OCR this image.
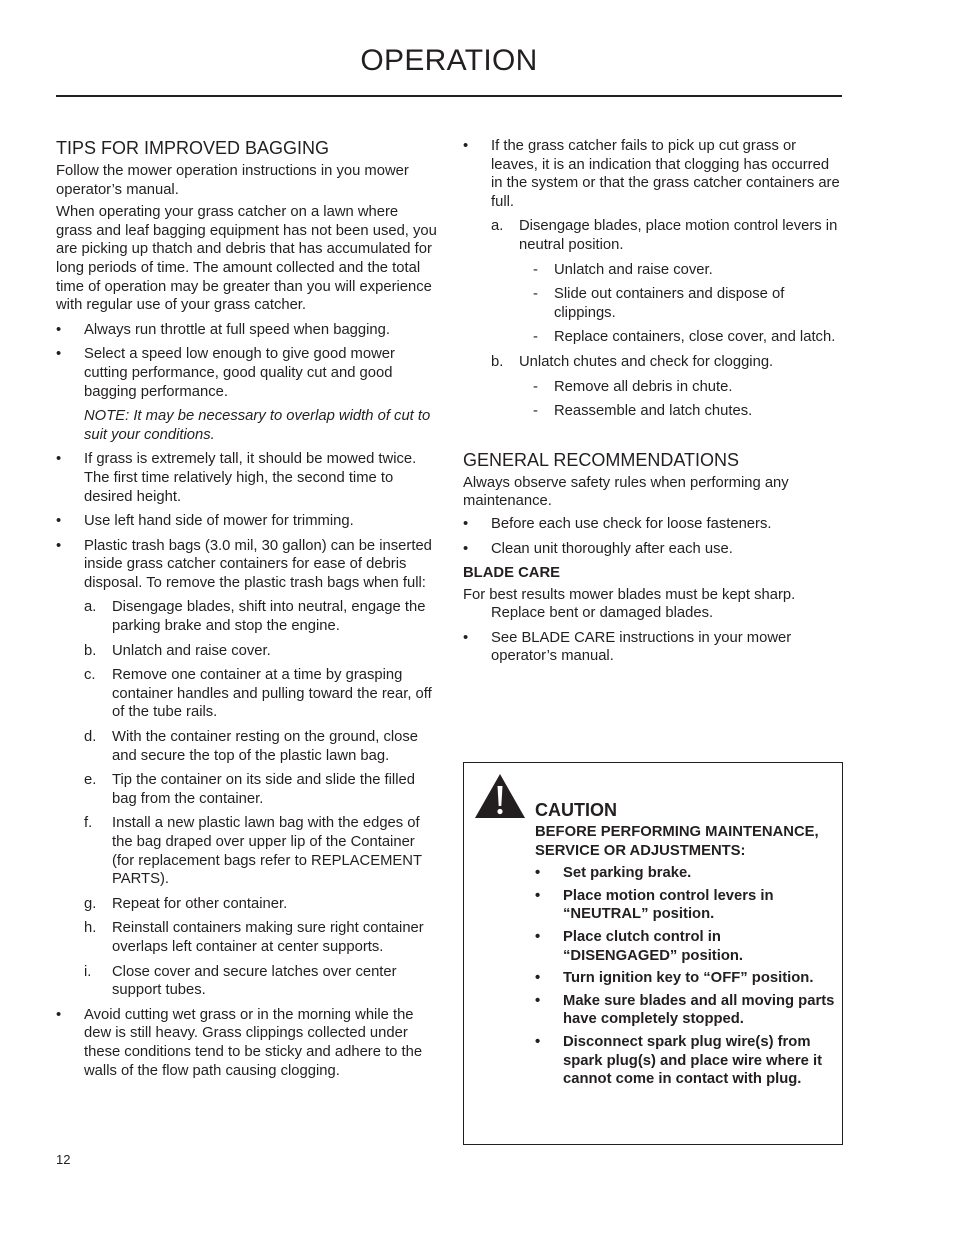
OPERATION
TIPS FOR IMPROVED BAGGING

Follow the mower operation instructions in you mower operator’s manual.

When operating your grass catcher on a lawn where grass and leaf bagging equipment has not been used, you are picking up thatch and debris that has accumulated for long periods of time. The amount collected and the total time of operation may be greater than you will experience with regular use of your grass catcher.

• Always run throttle at full speed when bagging.
• Select a speed low enough to give good mower cutting performance, good quality cut and good bagging performance.
NOTE: It may be necessary to overlap width of cut to suit your conditions.
• If grass is extremely tall, it should be mowed twice. The first time relatively high, the second time to desired height.
• Use left hand side of mower for trimming.
• Plastic trash bags (3.0 mil, 30 gallon) can be inserted inside grass catcher containers for ease of debris disposal. To remove the plastic trash bags when full:
a. Disengage blades, shift into neutral, engage the parking brake and stop the engine.
b. Unlatch and raise cover.
c. Remove one container at a time by grasping container handles and pulling toward the rear, off of the tube rails.
d. With the container resting on the ground, close and secure the top of the plastic lawn bag.
e. Tip the container on its side and slide the filled bag from the container.
f. Install a new plastic lawn bag with the edges of the bag draped over upper lip of the Container (for replacement bags refer to REPLACEMENT PARTS).
g. Repeat for other container.
h. Reinstall containers making sure right container overlaps left container at center supports.
i. Close cover and secure latches over center support tubes.
• Avoid cutting wet grass or in the morning while the dew is still heavy. Grass clippings collected under these conditions tend to be sticky and adhere to the walls of the flow path causing clogging.
• If the grass catcher fails to pick up cut grass or leaves, it is an indication that clogging has occurred in the system or that the grass catcher containers are full.
a. Disengage blades, place motion control levers in neutral position.
- Unlatch and raise cover.
- Slide out containers and dispose of clippings.
- Replace containers, close cover, and latch.
b. Unlatch chutes and check for clogging.
- Remove all debris in chute.
- Reassemble and latch chutes.
GENERAL RECOMMENDATIONS

Always observe safety rules when performing any maintenance.

• Before each use check for loose fasteners.
• Clean unit thoroughly after each use.
BLADE CARE

For best results mower blades must be kept sharp. Replace bent or damaged blades.

• See BLADE CARE instructions in your mower operator’s manual.
CAUTION
BEFORE PERFORMING MAINTENANCE, SERVICE OR ADJUSTMENTS:
• Set parking brake.
• Place motion control levers in “NEUTRAL” position.
• Place clutch control in “DISENGAGED” position.
• Turn ignition key to “OFF” position.
• Make sure blades and all moving parts have completely stopped.
• Disconnect spark plug wire(s) from spark plug(s) and place wire where it cannot come in contact with plug.
12
